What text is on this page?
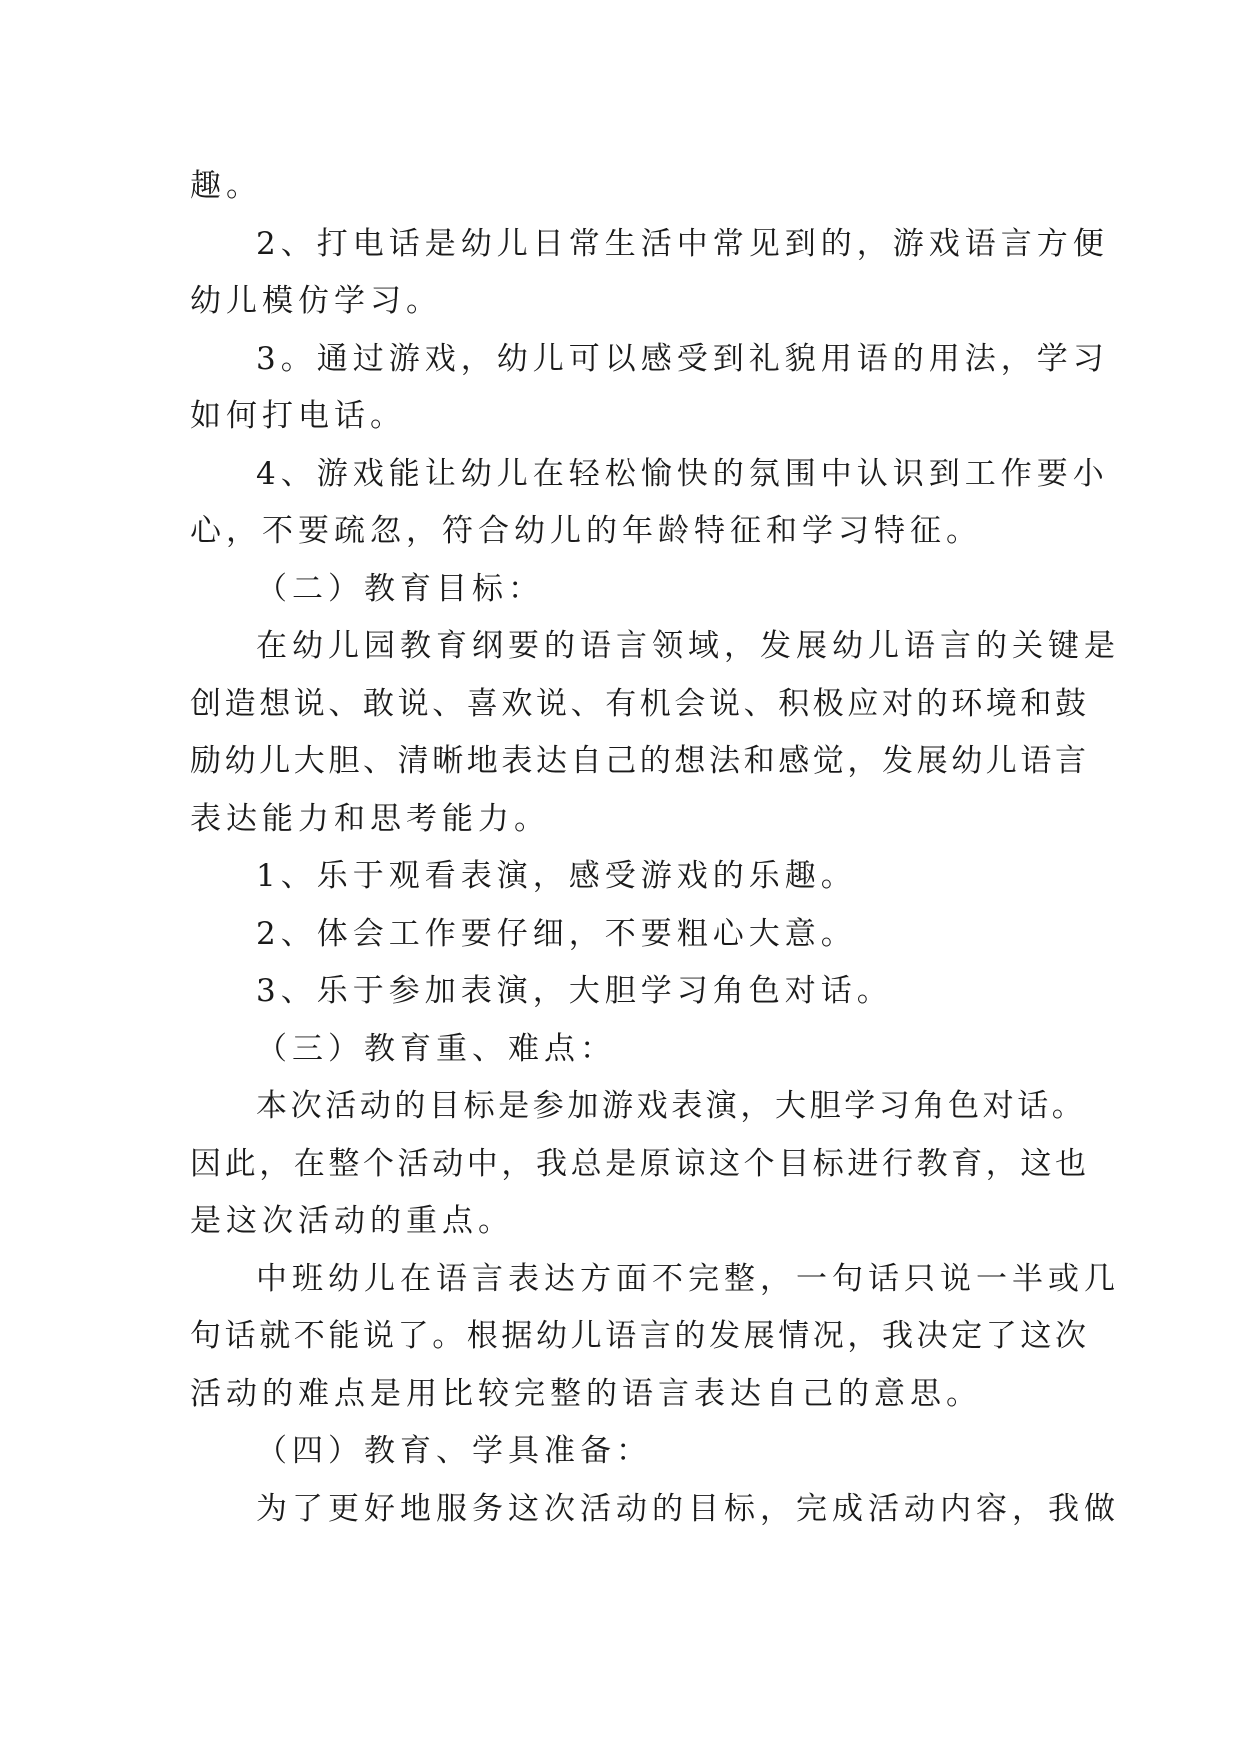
趣。

2、打电话是幼儿日常生活中常见到的，游戏语言方便

幼儿模仿学习。

3。通过游戏，幼儿可以感受到礼貌用语的用法，学习

如何打电话。

4、游戏能让幼儿在轻松愉快的氛围中认识到工作要小

心，不要疏忽，符合幼儿的年龄特征和学习特征。

（二）教育目标：

在幼儿园教育纲要的语言领域，发展幼儿语言的关键是

创造想说、敢说、喜欢说、有机会说、积极应对的环境和鼓

励幼儿大胆、清晰地表达自己的想法和感觉，发展幼儿语言

表达能力和思考能力。

1、乐于观看表演，感受游戏的乐趣。

2、体会工作要仔细，不要粗心大意。

3、乐于参加表演，大胆学习角色对话。

（三）教育重、难点：

本次活动的目标是参加游戏表演，大胆学习角色对话。

因此，在整个活动中，我总是原谅这个目标进行教育，这也

是这次活动的重点。

中班幼儿在语言表达方面不完整，一句话只说一半或几

句话就不能说了。根据幼儿语言的发展情况，我决定了这次

活动的难点是用比较完整的语言表达自己的意思。

（四）教育、学具准备：

为了更好地服务这次活动的目标，完成活动内容，我做
